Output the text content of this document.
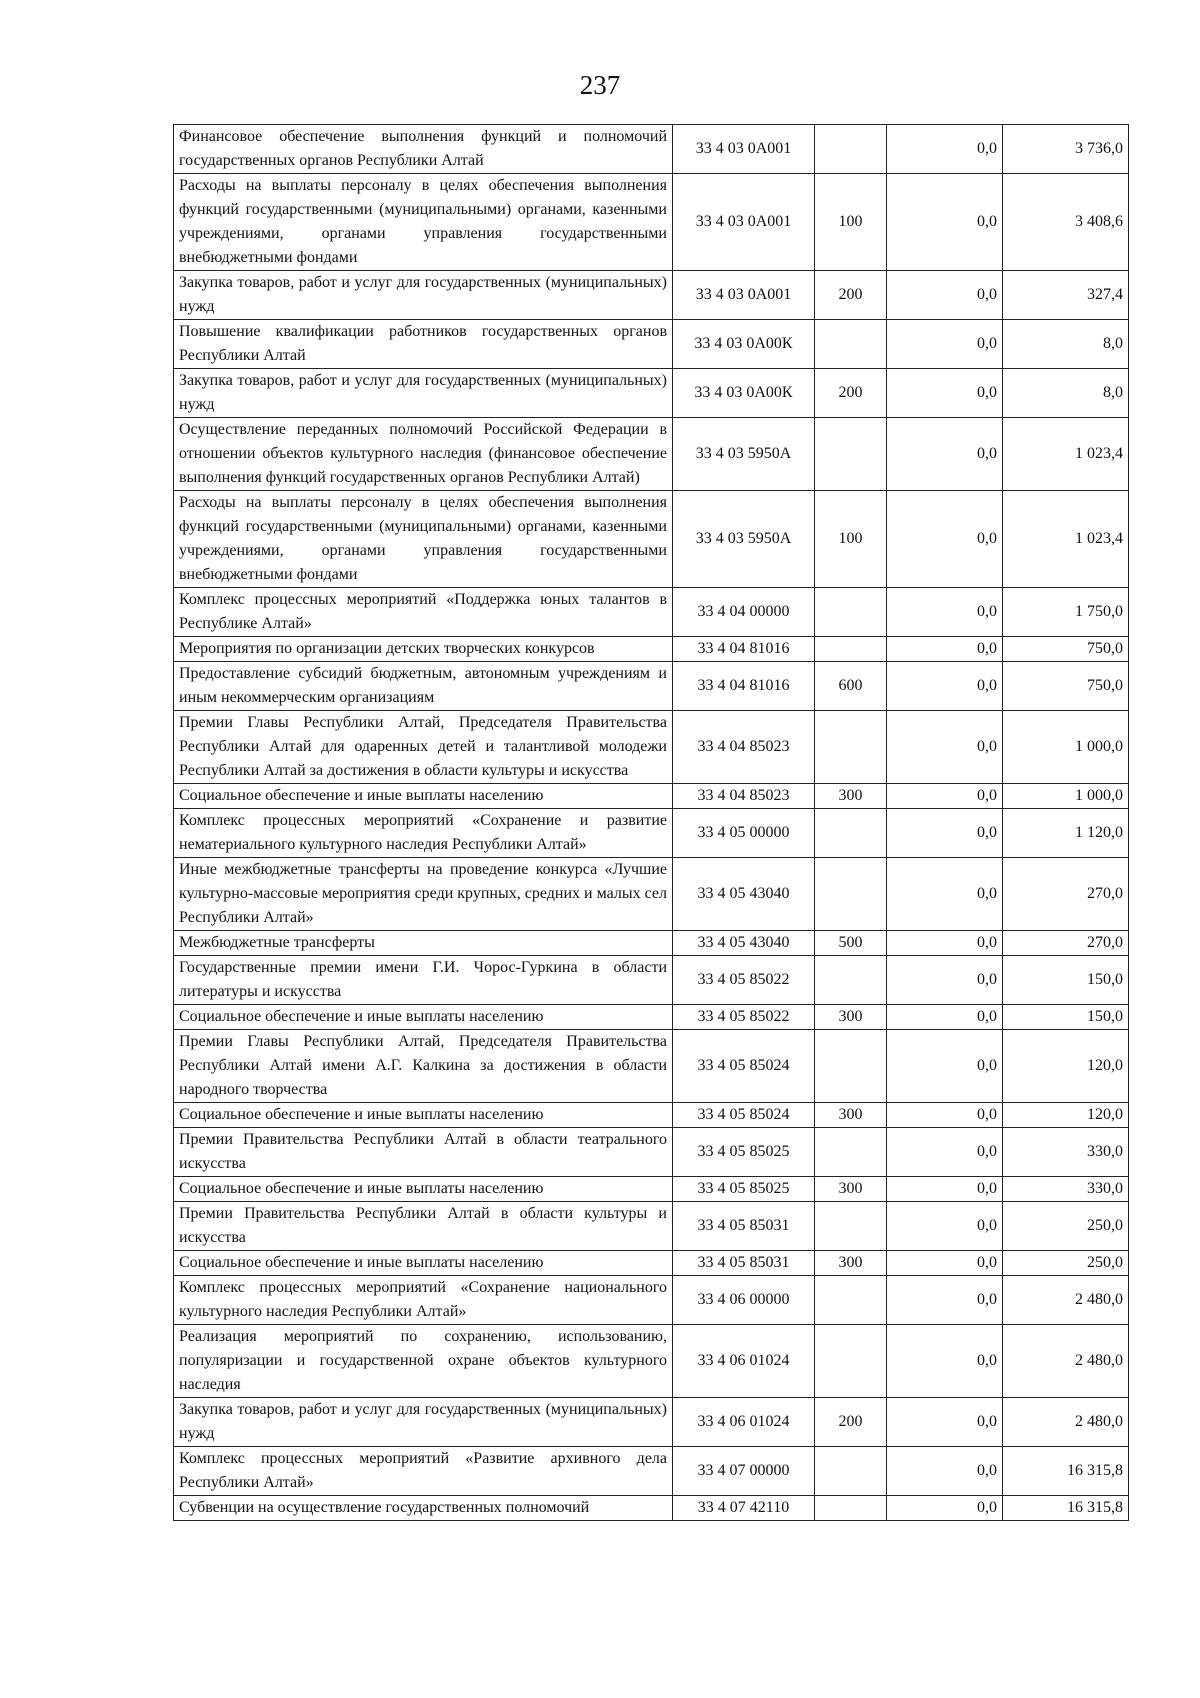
237
Финансовое обеспечение выполнения функций и полномочий государственных органов Республики Алтай	33 4 03 0А001		0,0	3 736,0
Расходы на выплаты персоналу в целях обеспечения выполнения функций государственными (муниципальными) органами, казенными учреждениями, органами управления государственными внебюджетными фондами	33 4 03 0А001	100	0,0	3 408,6
Закупка товаров, работ и услуг для государственных (муниципальных) нужд	33 4 03 0А001	200	0,0	327,4
Повышение квалификации работников государственных органов Республики Алтай	33 4 03 0А00К		0,0	8,0
Закупка товаров, работ и услуг для государственных (муниципальных) нужд	33 4 03 0А00К	200	0,0	8,0
Осуществление переданных полномочий Российской Федерации в отношении объектов культурного наследия (финансовое обеспечение выполнения функций государственных органов Республики Алтай)	33 4 03 5950А		0,0	1 023,4
Расходы на выплаты персоналу в целях обеспечения выполнения функций государственными (муниципальными) органами, казенными учреждениями, органами управления государственными внебюджетными фондами	33 4 03 5950А	100	0,0	1 023,4
Комплекс процессных мероприятий «Поддержка юных талантов в Республике Алтай»	33 4 04 00000		0,0	1 750,0
Мероприятия по организации детских творческих конкурсов	33 4 04 81016		0,0	750,0
Предоставление субсидий бюджетным, автономным учреждениям и иным некоммерческим организациям	33 4 04 81016	600	0,0	750,0
Премии Главы Республики Алтай, Председателя Правительства Республики Алтай для одаренных детей и талантливой молодежи Республики Алтай за достижения в области культуры и искусства	33 4 04 85023		0,0	1 000,0
Социальное обеспечение и иные выплаты населению	33 4 04 85023	300	0,0	1 000,0
Комплекс процессных мероприятий «Сохранение и развитие нематериального культурного наследия Республики Алтай»	33 4 05 00000		0,0	1 120,0
Иные межбюджетные трансферты на проведение конкурса «Лучшие культурно-массовые мероприятия среди крупных, средних и малых сел Республики Алтай»	33 4 05 43040		0,0	270,0
Межбюджетные трансферты	33 4 05 43040	500	0,0	270,0
Государственные премии имени Г.И. Чорос-Гуркина в области литературы и искусства	33 4 05 85022		0,0	150,0
Социальное обеспечение и иные выплаты населению	33 4 05 85022	300	0,0	150,0
Премии Главы Республики Алтай, Председателя Правительства Республики Алтай имени А.Г. Калкина за достижения в области народного творчества	33 4 05 85024		0,0	120,0
Социальное обеспечение и иные выплаты населению	33 4 05 85024	300	0,0	120,0
Премии Правительства Республики Алтай в области театрального искусства	33 4 05 85025		0,0	330,0
Социальное обеспечение и иные выплаты населению	33 4 05 85025	300	0,0	330,0
Премии Правительства Республики Алтай в области культуры и искусства	33 4 05 85031		0,0	250,0
Социальное обеспечение и иные выплаты населению	33 4 05 85031	300	0,0	250,0
Комплекс процессных мероприятий «Сохранение национального культурного наследия Республики Алтай»	33 4 06 00000		0,0	2 480,0
Реализация мероприятий по сохранению, использованию, популяризации и государственной охране объектов культурного наследия	33 4 06 01024		0,0	2 480,0
Закупка товаров, работ и услуг для государственных (муниципальных) нужд	33 4 06 01024	200	0,0	2 480,0
Комплекс процессных мероприятий «Развитие архивного дела Республики Алтай»	33 4 07 00000		0,0	16 315,8
Субвенции на осуществление государственных полномочий	33 4 07 42110		0,0	16 315,8
